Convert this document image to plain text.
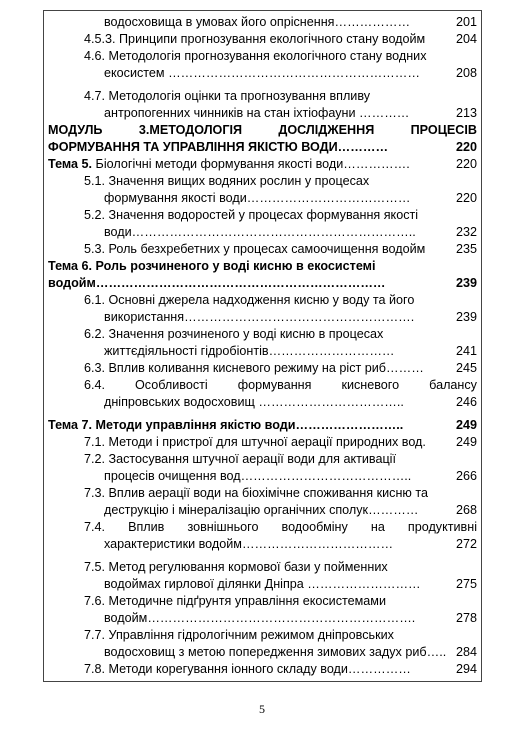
водосховища в умовах його опріснення………………	201
4.5.3. Принципи прогнозування екологічного стану водойм	204
4.6. Методологія прогнозування екологічного стану водних
екосистем ……………………………………………………	208
4.7. Методологія оцінки та прогнозування впливу
антропогенних чинників на стан іхтіофауни …………	213
МОДУЛЬ	3.МЕТОДОЛОГІЯ	ДОСЛІДЖЕННЯ	ПРОЦЕСІВ
ФОРМУВАННЯ ТА УПРАВЛІННЯ ЯКІСТЮ ВОДИ…………	220
Тема 5. Біологічні методи формування якості води…………….	220
5.1. Значення вищих водяних рослин у процесах
формування якості води…………………………………	220
5.2. Значення водоростей у процесах формування якості
води…………………………………………………………..	232
5.3. Роль безхребетних у процесах самоочищення водойм	235
Тема 6. Роль розчиненого у воді кисню в екосистемі
водойм……………………………………………………………	239
6.1. Основні джерела надходження кисню у воду та його
використання……………………………………………….	239
6.2. Значення розчиненого у воді кисню в процесах
життєдіяльності гідробіонтів…………………………	241
6.3. Вплив коливання кисневого режиму на ріст риб………	245
6.4. Особливості формування кисневого балансу
дніпровських водосховищ ……………………………..	246
Тема 7. Методи управління якістю води……………………..	249
7.1. Методи і пристрої для штучної аерації природних вод.	249
7.2. Застосування штучної аерації води для активації
процесів очищення вод…………………………………..	266
7.3. Вплив аерації води на біохімічне споживання кисню та
деструкцію і мінералізацію органічних сполук…………	268
7.4. Вплив зовнішнього водообміну на продуктивні
характеристики водойм………………………………	272
7.5. Метод регулювання кормової бази у пойменних
водоймах гирлової ділянки Дніпра ………………………	275
7.6. Методичне підґрунтя управління екосистемами
водойм……………………………………………………….	278
7.7. Управління гідрологічним режимом дніпровських
водосховищ з метою попередження зимових задух риб….. 284
7.8. Методи корегування іонного складу води……………	294
5
